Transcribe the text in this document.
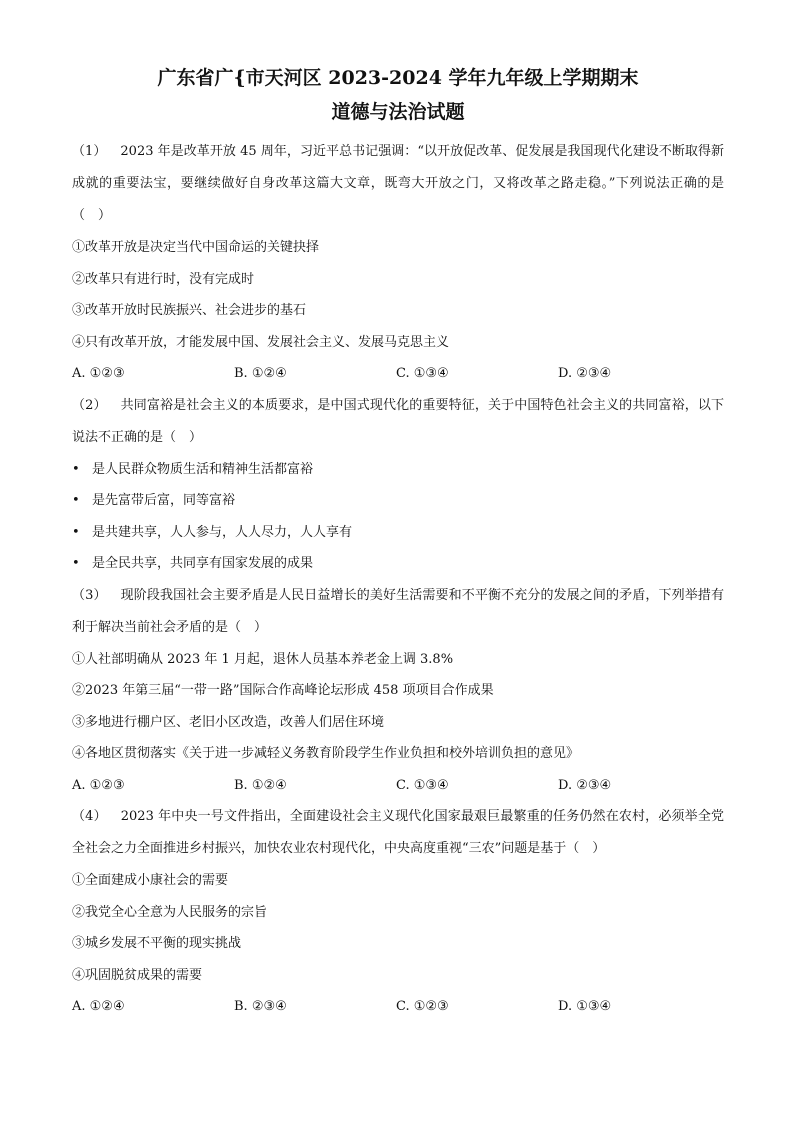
广东省广{市天河区 2023-2024 学年九年级上学期期末
道德与法治试题

（1） 2023 年是改革开放 45 周年，习近平总书记强调：“以开放促改革、促发展是我国现代化建设不断取得新成就的重要法宝，要继续做好自身改革这篇大文章，既弯大开放之门，又将改革之路走稳。”下列说法正确的是（　）

①改革开放是决定当代中国命运的关键抉择

②改革只有进行时，没有完成时

③改革开放时民族振兴、社会进步的基石

④只有改革开放，才能发展中国、发展社会主义、发展马克思主义

A. ①②③	B. ①②④	C. ①③④	D. ②③④

（2） 共同富裕是社会主义的本质要求，是中国式现代化的重要特征，关于中国特色社会主义的共同富裕，以下说法不正确的是（　）

• 是人民群众物质生活和精神生活都富裕

• 是先富带后富，同等富裕

• 是共建共享，人人参与，人人尽力，人人享有

• 是全民共享，共同享有国家发展的成果

（3） 现阶段我国社会主要矛盾是人民日益增长的美好生活需要和不平衡不充分的发展之间的矛盾，下列举措有利于解决当前社会矛盾的是（　）

①人社部明确从 2023 年 1 月起，退休人员基本养老金上调 3.8%

②2023 年第三届“一带一路”国际合作高峰论坛形成 458 项项目合作成果

③多地进行棚户区、老旧小区改造，改善人们居住环境

④各地区贯彻落实《关于进一步减轻义务教育阶段学生作业负担和校外培训负担的意见》

A. ①②③	B. ①②④	C. ①③④	D. ②③④

（4） 2023 年中央一号文件指出，全面建设社会主义现代化国家最艰巨最繁重的任务仍然在农村，必须举全党全社会之力全面推进乡村振兴，加快农业农村现代化，中央高度重视“三农”问题是基于（　）

①全面建成小康社会的需要

②我党全心全意为人民服务的宗旨

③城乡发展不平衡的现实挑战

④巩固脱贫成果的需要

A. ①②④	B. ②③④	C. ①②③	D. ①③④
